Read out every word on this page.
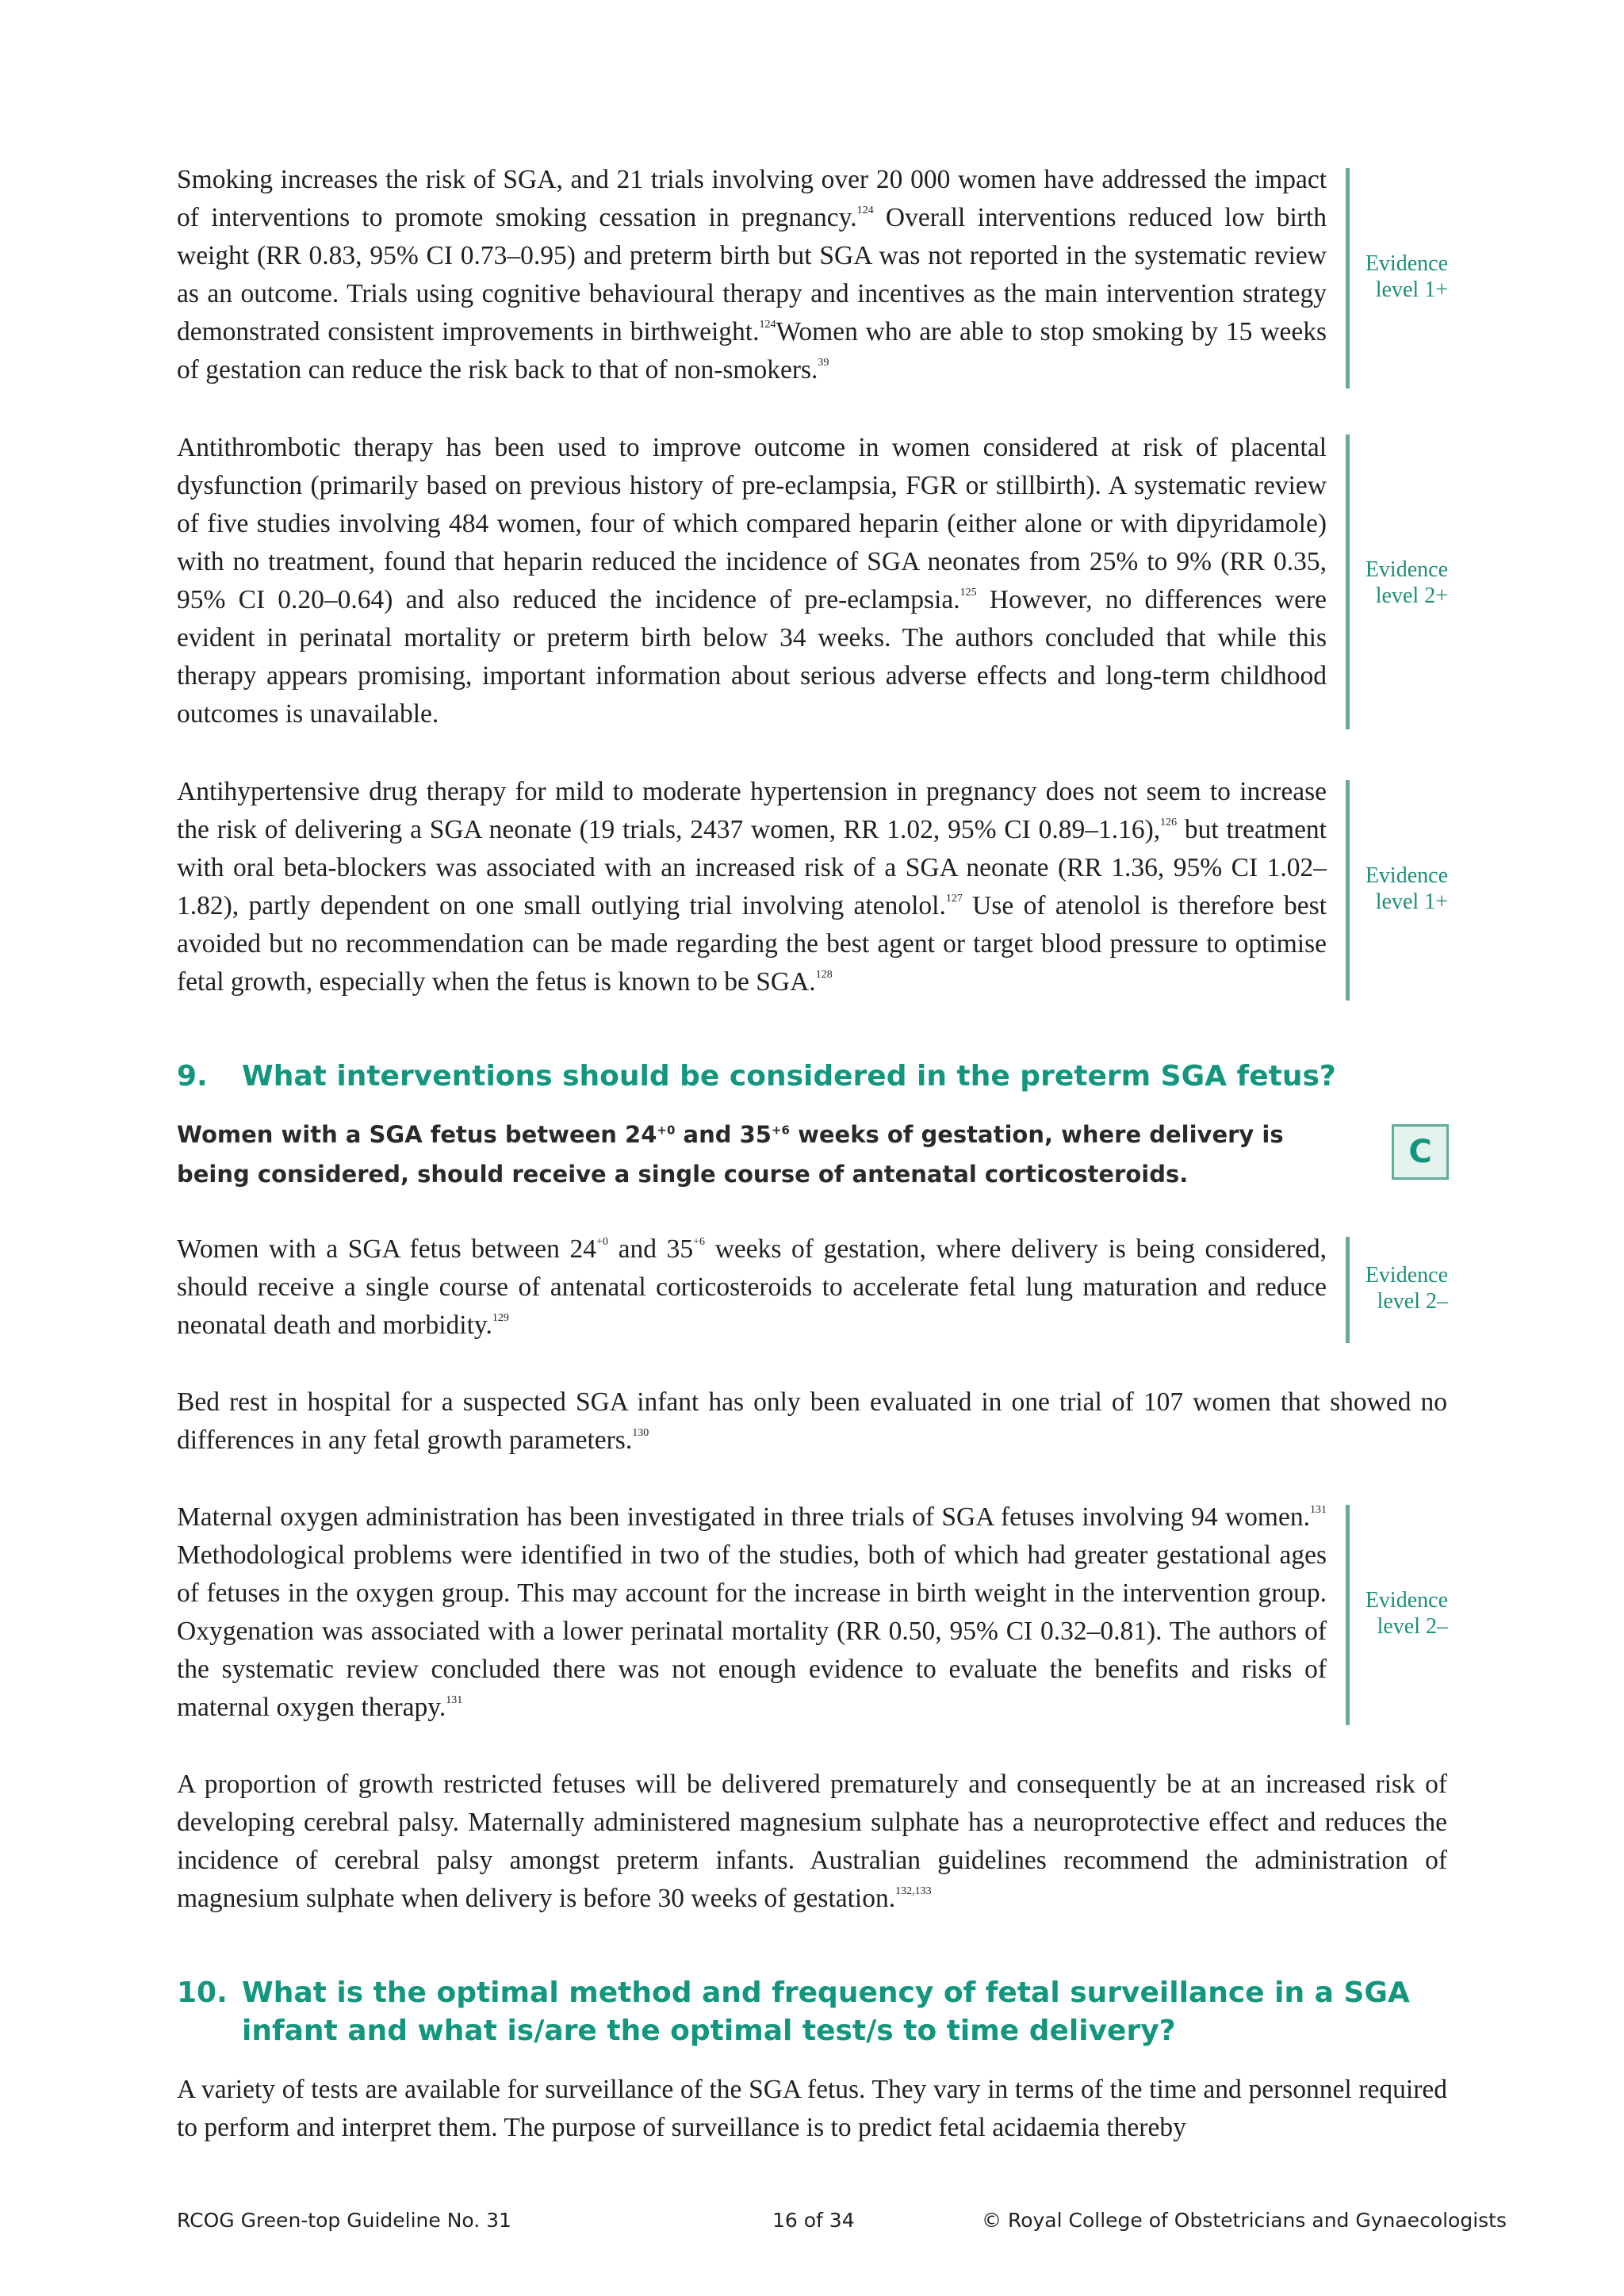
Smoking increases the risk of SGA, and 21 trials involving over 20 000 women have addressed the impact of interventions to promote smoking cessation in pregnancy.$^{124}$ Overall interventions reduced low birth weight (RR 0.83, 95% CI 0.73–0.95) and preterm birth but SGA was not reported in the systematic review as an outcome. Trials using cognitive behavioural therapy and incentives as the main intervention strategy demonstrated consistent improvements in birthweight.$^{124}$Women who are able to stop smoking by 15 weeks of gestation can reduce the risk back to that of non-smokers.$^{39}$

Evidence
level 1+

Antithrombotic therapy has been used to improve outcome in women considered at risk of placental dysfunction (primarily based on previous history of pre-eclampsia, FGR or stillbirth). A systematic review of five studies involving 484 women, four of which compared heparin (either alone or with dipyridamole) with no treatment, found that heparin reduced the incidence of SGA neonates from 25% to 9% (RR 0.35, 95% CI 0.20–0.64) and also reduced the incidence of pre-eclampsia.$^{125}$ However, no differences were evident in perinatal mortality or preterm birth below 34 weeks. The authors concluded that while this therapy appears promising, important information about serious adverse effects and long-term childhood outcomes is unavailable.

Evidence
level 2+

Antihypertensive drug therapy for mild to moderate hypertension in pregnancy does not seem to increase the risk of delivering a SGA neonate (19 trials, 2437 women, RR 1.02, 95% CI 0.89–1.16),$^{126}$ but treatment with oral beta-blockers was associated with an increased risk of a SGA neonate (RR 1.36, 95% CI 1.02–1.82), partly dependent on one small outlying trial involving atenolol.$^{127}$ Use of atenolol is therefore best avoided but no recommendation can be made regarding the best agent or target blood pressure to optimise fetal growth, especially when the fetus is known to be SGA.$^{128}$

Evidence
level 1+
9. What interventions should be considered in the preterm SGA fetus?

Women with a SGA fetus between $24^{+0}$ and $35^{+6}$ weeks of gestation, where delivery is being considered, should receive a single course of antenatal corticosteroids.

C

Women with a SGA fetus between $24^{+0}$ and $35^{+6}$ weeks of gestation, where delivery is being considered, should receive a single course of antenatal corticosteroids to accelerate fetal lung maturation and reduce neonatal death and morbidity.$^{129}$

Evidence
level 2–

Bed rest in hospital for a suspected SGA infant has only been evaluated in one trial of 107 women that showed no differences in any fetal growth parameters.$^{130}$

Maternal oxygen administration has been investigated in three trials of SGA fetuses involving 94 women.$^{131}$ Methodological problems were identified in two of the studies, both of which had greater gestational ages of fetuses in the oxygen group. This may account for the increase in birth weight in the intervention group. Oxygenation was associated with a lower perinatal mortality (RR 0.50, 95% CI 0.32–0.81). The authors of the systematic review concluded there was not enough evidence to evaluate the benefits and risks of maternal oxygen therapy.$^{131}$

Evidence
level 2–

A proportion of growth restricted fetuses will be delivered prematurely and consequently be at an increased risk of developing cerebral palsy. Maternally administered magnesium sulphate has a neuroprotective effect and reduces the incidence of cerebral palsy amongst preterm infants. Australian guidelines recommend the administration of magnesium sulphate when delivery is before 30 weeks of gestation.$^{132,133}$

10. What is the optimal method and frequency of fetal surveillance in a SGA infant and what is/are the optimal test/s to time delivery?

A variety of tests are available for surveillance of the SGA fetus. They vary in terms of the time and personnel required to perform and interpret them. The purpose of surveillance is to predict fetal acidaemia thereby

RCOG Green-top Guideline No. 31	16 of 34	© Royal College of Obstetricians and Gynaecologists
